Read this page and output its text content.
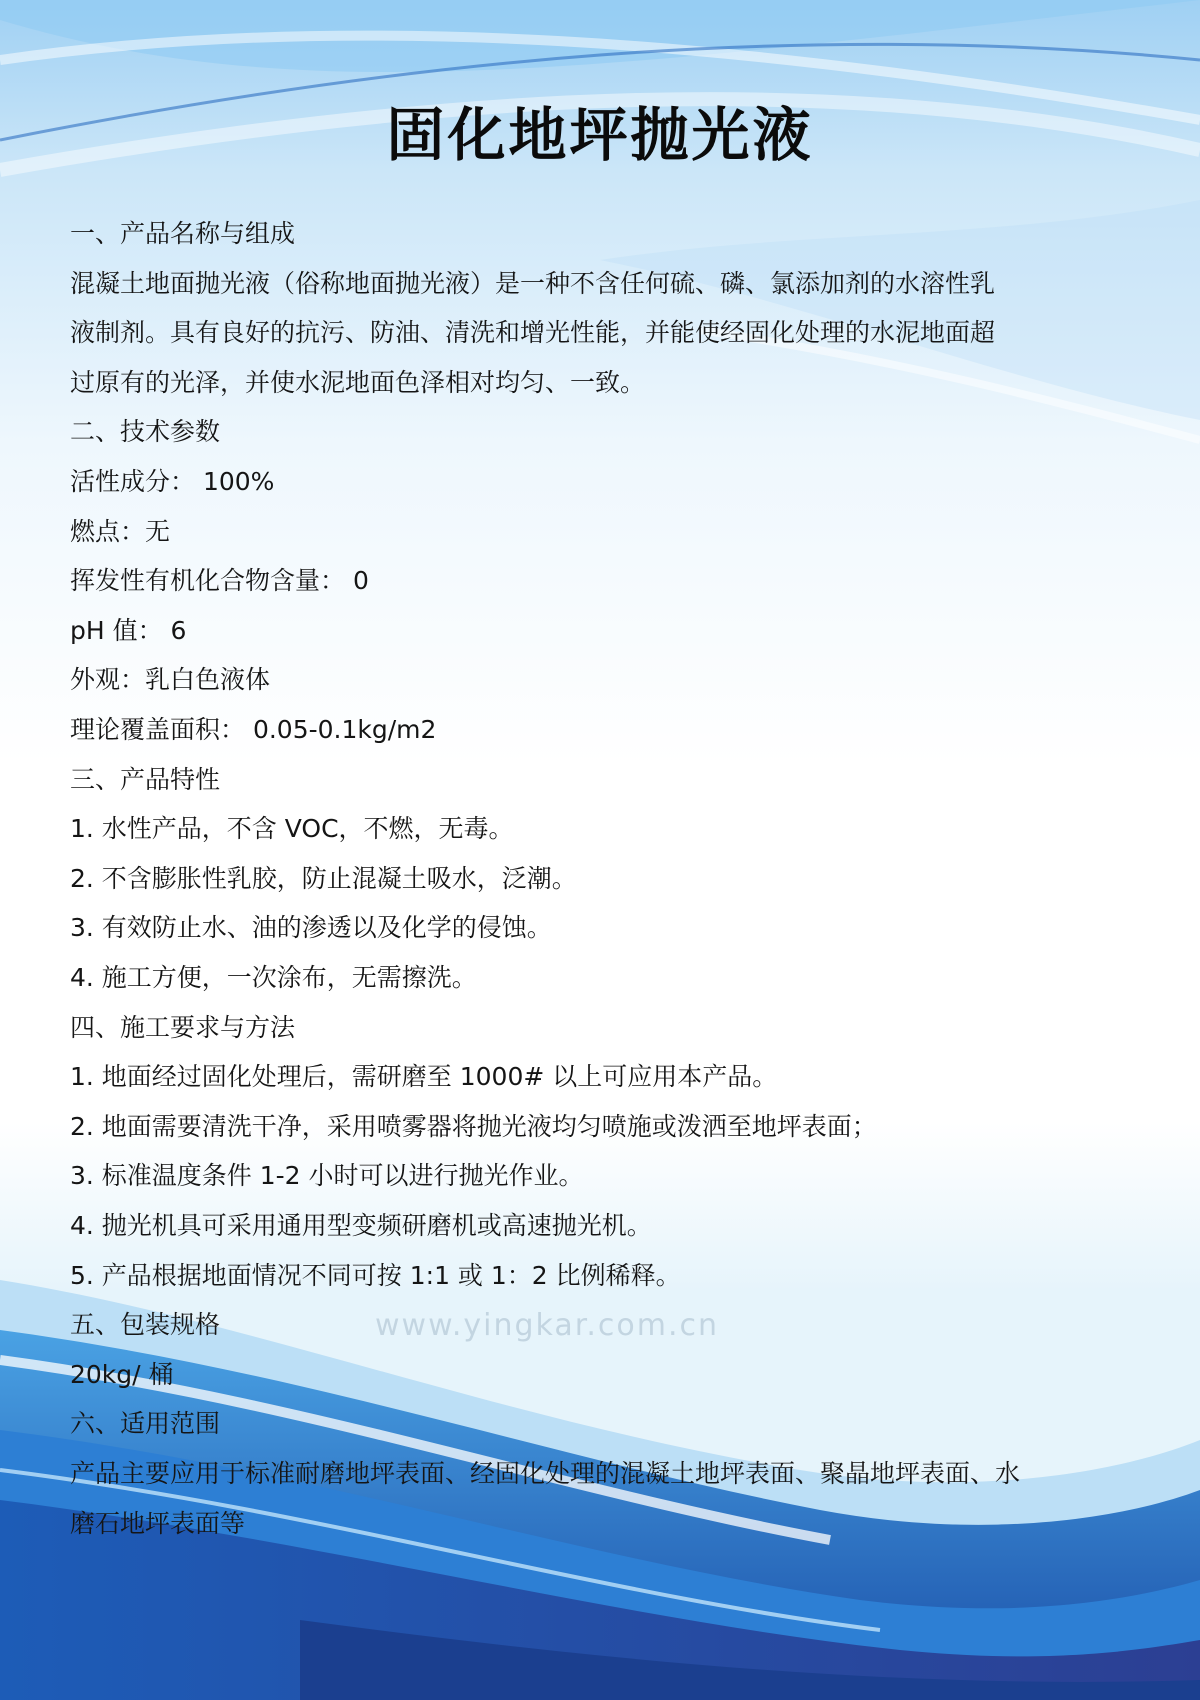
固化地坪抛光液
www.yingkar.com.cn
一、产品名称与组成
混凝土地面抛光液（俗称地面抛光液）是一种不含任何硫、磷、氯添加剂的水溶性乳
液制剂。具有良好的抗污、防油、清洗和增光性能，并能使经固化处理的水泥地面超
过原有的光泽，并使水泥地面色泽相对均匀、一致。
二、技术参数
活性成分： 100%
燃点：无
挥发性有机化合物含量： 0
pH 值： 6
外观：乳白色液体
理论覆盖面积： 0.05-0.1kg/m2
三、产品特性
1. 水性产品，不含 VOC，不燃，无毒。
2. 不含膨胀性乳胶，防止混凝土吸水，泛潮。
3. 有效防止水、油的渗透以及化学的侵蚀。
4. 施工方便，一次涂布，无需擦洗。
四、施工要求与方法
1. 地面经过固化处理后，需研磨至 1000# 以上可应用本产品。
2. 地面需要清洗干净，采用喷雾器将抛光液均匀喷施或泼洒至地坪表面；
3. 标准温度条件 1-2 小时可以进行抛光作业。
4. 抛光机具可采用通用型变频研磨机或高速抛光机。
5. 产品根据地面情况不同可按 1:1 或 1：2 比例稀释。
五、包装规格
20kg/ 桶
六、适用范围
产品主要应用于标准耐磨地坪表面、经固化处理的混凝土地坪表面、聚晶地坪表面、水
磨石地坪表面等
